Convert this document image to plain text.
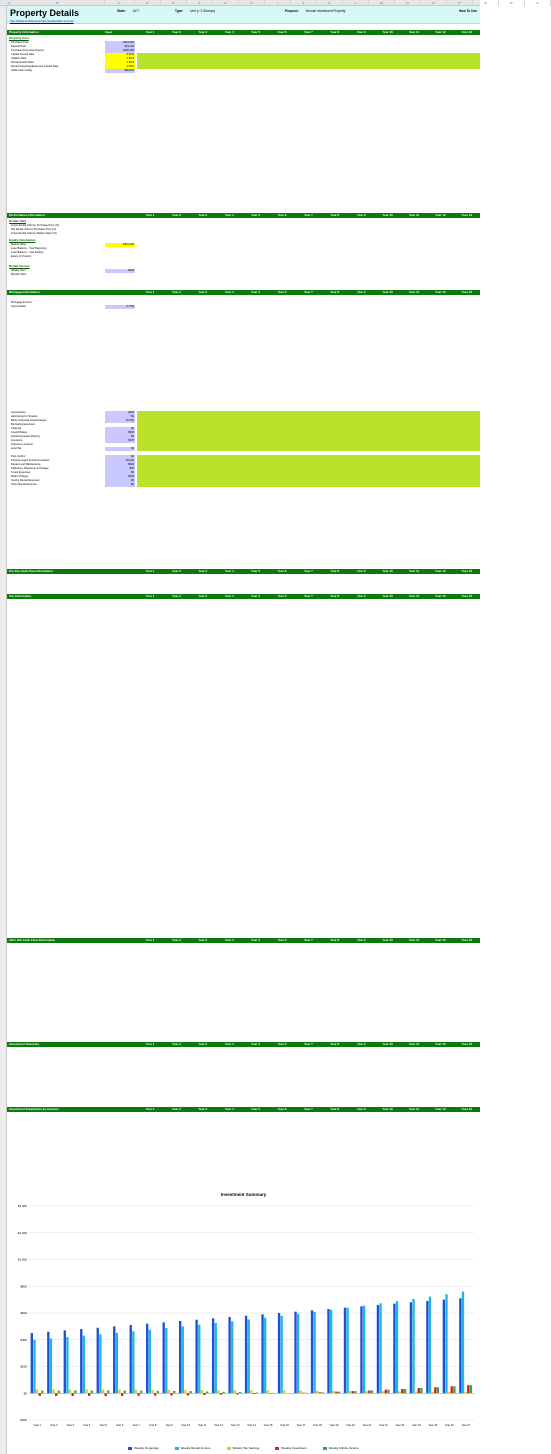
A	B	C	D	E	F	G	H	I	J	K	L	M	N	O	P	Q	R	S
Property Details
http://www.investmentpropertycalculator.com.au
State: ACT	Type: Unit (> 3 Storeys)	Purpose: Normal Investment Property	How To Use
Property Information	Input	Year 1	Year 2	Year 3	Year 4	Year 5	Year 6	Year 7	Year 8	Year 9	Year 10	Year 11	Year 12	Year 13
Property Cost
Purchase Price	$310,000
Deposit Paid	$63,120
Purchase Price less Deposit	$282,480
Capital Growth Rate	5.00%
Inflation Rate	2.50%
Rental Growth Rate	2.50%
Rental Outgoings/Expenses Growth Rate	2.50%
Initial Cash Outlay	$80,022
Performance Information	Year 1	Year 2	Year 3	Year 4	Year 5	Year 6	Year 7	Year 8	Year 9	Year 10	Year 11	Year 12	Year 13
Rental Yield
Gross Rental Yield on Purchase Price (%)
Net Rental Yield on Purchase Price (%)
Gross Rental Yield on Market Value (%)
Equity Information
Market Value	$310,000
Loan Balance - Year Beginning
Loan Balance - Year Ending
Equity in Property
Rental Income
Weekly Rent	$400
Monthly Rent
Mortgage Information	Year 1	Year 2	Year 3	Year 4	Year 5	Year 6	Year 7	Year 8	Year 9	Year 10	Year 11	Year 12	Year 13
Mortgage Amount
Interest Rate	6.75%
Accountancy	$250
Advertising for Tenants	$0
Body Corporate Fees/Charges	$1,200
Borrowing Expenses
Cleaning	$0
Council Rates	$900
Gardening/Lawn Mowing	$0
Insurance	$370
Interest on Loan(s)
Land Tax	$0
Pest Control	$0
Property Agent Fees/Commission	$1,040
Repairs and Maintenance	$500
Stationery, Telephone & Postage	$50
Travel Expenses	$0
Water Charges	$500
Sundry Rental Expenses	$0
Other Rental Expense	$0
Pre-Tax Cash Flow Information	Year 1	Year 2	Year 3	Year 4	Year 5	Year 6	Year 7	Year 8	Year 9	Year 10	Year 11	Year 12	Year 13
Tax Information	Year 1	Year 2	Year 3	Year 4	Year 5	Year 6	Year 7	Year 8	Year 9	Year 10	Year 11	Year 12	Year 13
After-Tax Cash Flow Information	Year 1	Year 2	Year 3	Year 4	Year 5	Year 6	Year 7	Year 8	Year 9	Year 10	Year 11	Year 12	Year 13
Investment Summary	Year 1	Year 2	Year 3	Year 4	Year 5	Year 6	Year 7	Year 8	Year 9	Year 10	Year 11	Year 12	Year 13
Investment Breakdown by Investor	Year 1	Year 2	Year 3	Year 4	Year 5	Year 6	Year 7	Year 8	Year 9	Year 10	Year 11	Year 12	Year 13
Investment Summary
-$200
$0
$200
$400
$600
$800
$1,000
$1,200
$1,400
Year 1	Year 2	Year 3	Year 4	Year 5	Year 6	Year 7	Year 8	Year 9	Year 10	Year 11	Year 12	Year 13	Year 14	Year 15	Year 16	Year 17	Year 18	Year 19	Year 20	Year 21	Year 22	Year 23	Year 24	Year 25	Year 26	Year 27
Weekly Outgoings	Weekly Rental Income	Weekly Tax Savings	Weekly Investment	Weekly Infinite Income
